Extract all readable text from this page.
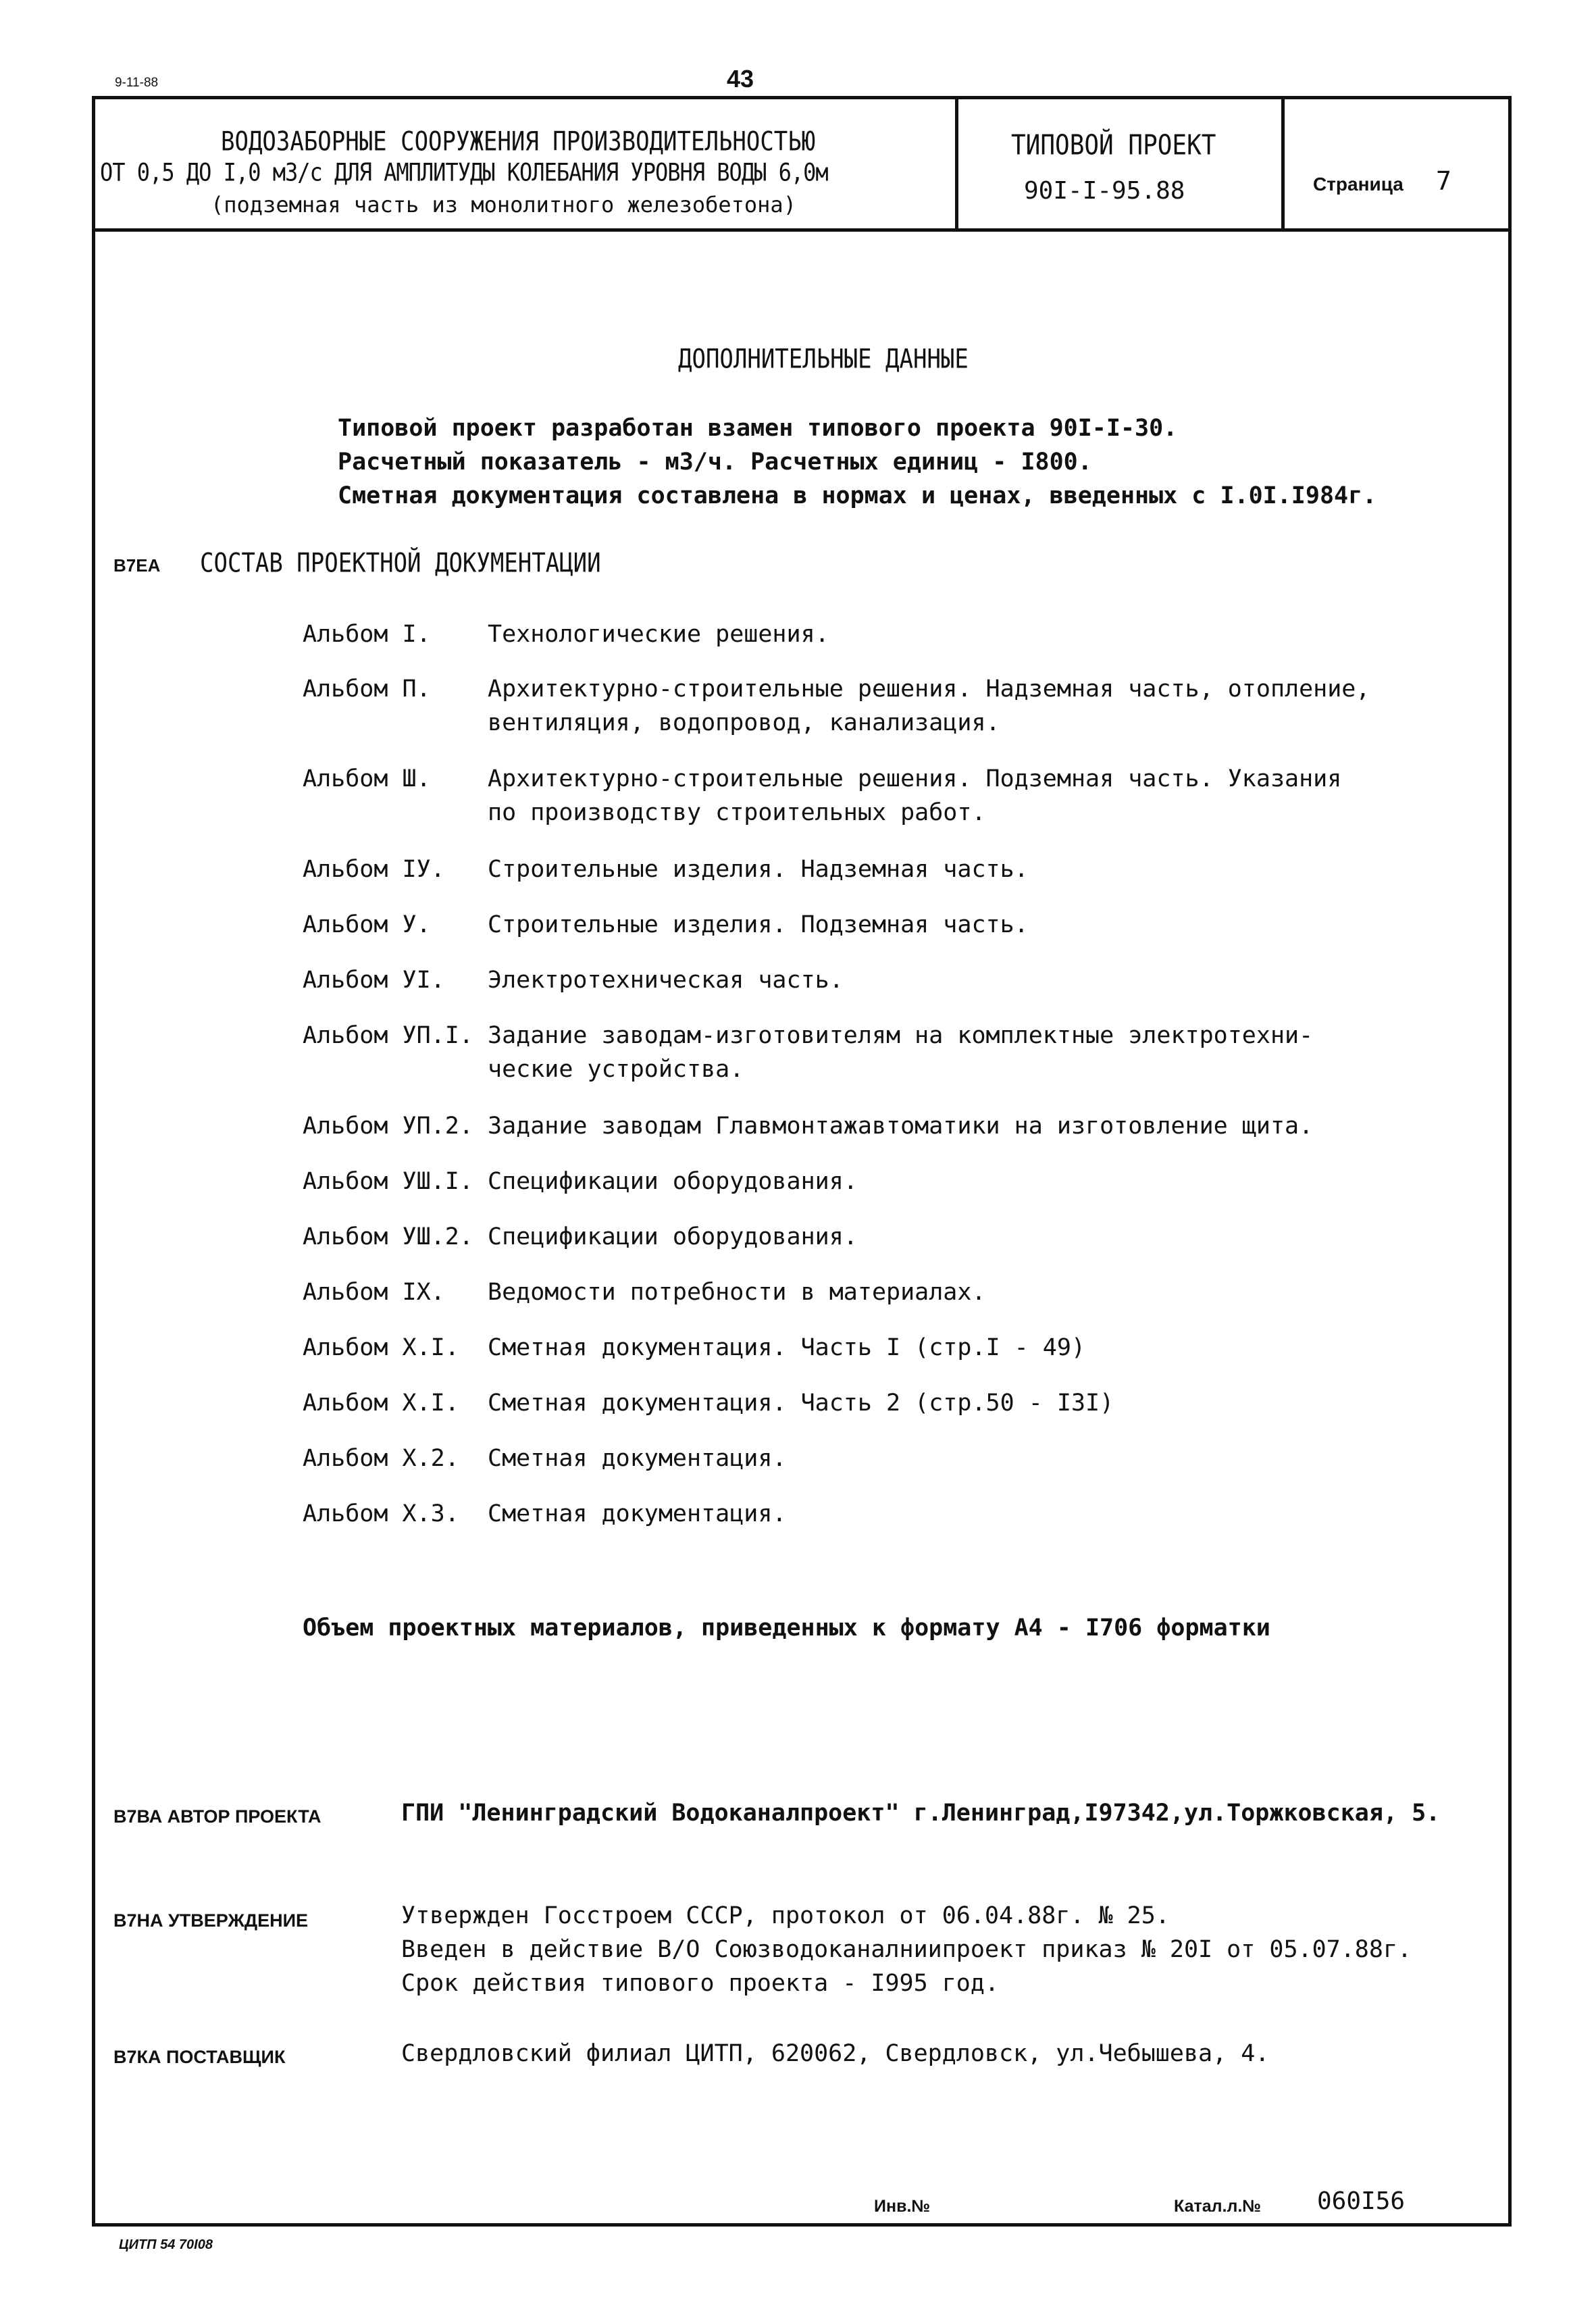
9-11-88	43
ВОДОЗАБОРНЫЕ СООРУЖЕНИЯ ПРОИЗВОДИТЕЛЬНОСТЬЮ
ОТ 0,5 ДО I,0 м3/с ДЛЯ АМПЛИТУДЫ КОЛЕБАНИЯ УРОВНЯ ВОДЫ 6,0м
(подземная часть из монолитного железобетона)
ТИПОВОЙ ПРОЕКТ
90I-I-95.88	Страница 7
ДОПОЛНИТЕЛЬНЫЕ ДАННЫЕ
Типовой проект разработан взамен типового проекта 90I-I-30.
Расчетный показатель - м3/ч. Расчетных единиц - I800.
Сметная документация составлена в нормах и ценах, введенных с I.0I.I984г.
В7ЕА СОСТАВ ПРОЕКТНОЙ ДОКУМЕНТАЦИИ
Альбом I. Технологические решения.
Альбом П. Архитектурно-строительные решения. Надземная часть, отопление,
вентиляция, водопровод, канализация.
Альбом Ш. Архитектурно-строительные решения. Подземная часть. Указания
по производству строительных работ.
Альбом IУ. Строительные изделия. Надземная часть.
Альбом У. Строительные изделия. Подземная часть.
Альбом УI. Электротехническая часть.
Альбом УП.I. Задание заводам-изготовителям на комплектные электротехни-
ческие устройства.
Альбом УП.2. Задание заводам Главмонтажавтоматики на изготовление щита.
Альбом УШ.I. Спецификации оборудования.
Альбом УШ.2. Спецификации оборудования.
Альбом IX. Ведомости потребности в материалах.
Альбом X.I. Сметная документация. Часть I (стр.I - 49)
Альбом X.I. Сметная документация. Часть 2 (стр.50 - I3I)
Альбом X.2. Сметная документация.
Альбом X.3. Сметная документация.
Объем проектных материалов, приведенных к формату А4 - I706 форматки
В7ВА АВТОР ПРОЕКТА	ГПИ "Ленинградский Водоканалпроект" г.Ленинград,I97342,ул.Торжковская, 5.
В7НА УТВЕРЖДЕНИЕ	Утвержден Госстроем СССР, протокол от 06.04.88г. № 25.
Введен в действие В/О Союзводоканалниипроект приказ № 20I от 05.07.88г.
Срок действия типового проекта - I995 год.
В7КА ПОСТАВЩИК	Свердловский филиал ЦИТП, 620062, Свердловск, ул.Чебышева, 4.
Инв.№	Катал.л.№ 060I56
ЦИТП 54 70I08
